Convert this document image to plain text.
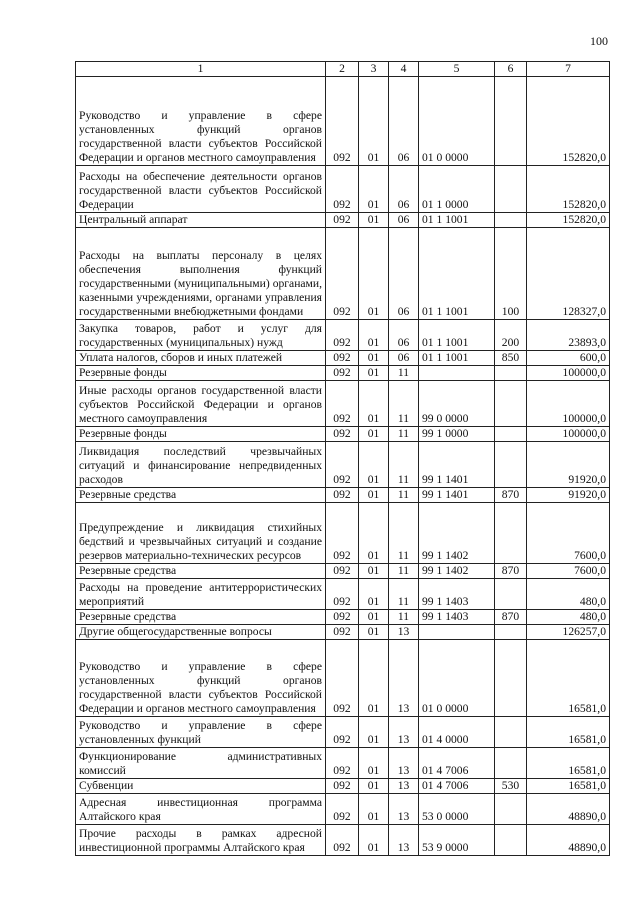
100
1	2	3	4	5	6	7
Руководство и управление в сфере установленных функций органов государственной власти субъектов Российской Федерации и органов местного самоуправления	092	01	06	01 0 0000		152820,0
Расходы на обеспечение деятельности органов государственной власти субъектов Российской Федерации	092	01	06	01 1 0000		152820,0
Центральный аппарат	092	01	06	01 1 1001		152820,0
Расходы на выплаты персоналу в целях обеспечения выполнения функций государственными (муниципальными) органами, казенными учреждениями, органами управления государственными внебюджетными фондами	092	01	06	01 1 1001	100	128327,0
Закупка товаров, работ и услуг для государственных (муниципальных) нужд	092	01	06	01 1 1001	200	23893,0
Уплата налогов, сборов и иных платежей	092	01	06	01 1 1001	850	600,0
Резервные фонды	092	01	11			100000,0
Иные расходы органов государственной власти субъектов Российской Федерации и органов местного самоуправления	092	01	11	99 0 0000		100000,0
Резервные фонды	092	01	11	99 1 0000		100000,0
Ликвидация последствий чрезвычайных ситуаций и финансирование непредвиденных расходов	092	01	11	99 1 1401		91920,0
Резервные средства	092	01	11	99 1 1401	870	91920,0
Предупреждение и ликвидация стихийных бедствий и чрезвычайных ситуаций и создание резервов материально-технических ресурсов	092	01	11	99 1 1402		7600,0
Резервные средства	092	01	11	99 1 1402	870	7600,0
Расходы на проведение антитеррористических мероприятий	092	01	11	99 1 1403		480,0
Резервные средства	092	01	11	99 1 1403	870	480,0
Другие общегосударственные вопросы	092	01	13			126257,0
Руководство и управление в сфере установленных функций органов государственной власти субъектов Российской Федерации и органов местного самоуправления	092	01	13	01 0 0000		16581,0
Руководство и управление в сфере установленных функций	092	01	13	01 4 0000		16581,0
Функционирование административных комиссий	092	01	13	01 4 7006		16581,0
Субвенции	092	01	13	01 4 7006	530	16581,0
Адресная инвестиционная программа Алтайского края	092	01	13	53 0 0000		48890,0
Прочие расходы в рамках адресной инвестиционной программы Алтайского края	092	01	13	53 9 0000		48890,0
